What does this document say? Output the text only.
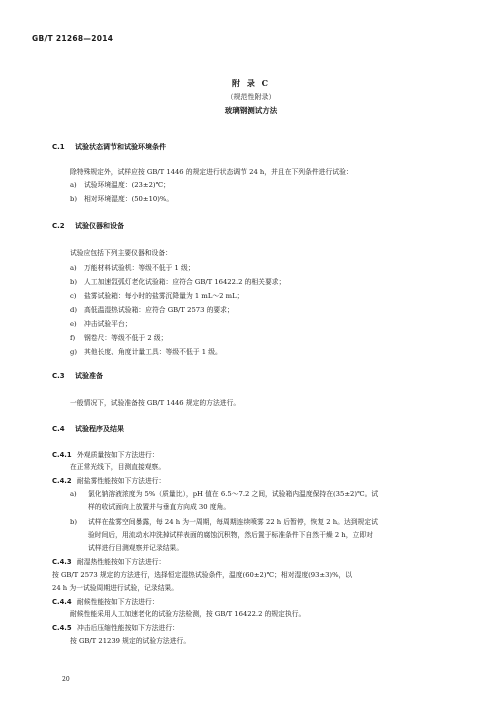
GB/T 21268—2014
附 录 C
（规范性附录）
玻璃钢测试方法
C.1 试验状态调节和试验环境条件
除特殊规定外，试样应按 GB/T 1446 的规定进行状态调节 24 h，并且在下列条件进行试验：
a) 试验环境温度：(23±2)℃；
b) 相对环境湿度：(50±10)%。
C.2 试验仪器和设备
试验应包括下列主要仪器和设备：
a) 万能材料试验机：等级不低于 1 级；
b) 人工加速氙弧灯老化试验箱：应符合 GB/T 16422.2 的相关要求；
c) 盐雾试验箱：每小时的盐雾沉降量为 1 mL～2 mL；
d) 高低温湿热试验箱：应符合 GB/T 2573 的要求；
e) 冲击试验平台；
f) 钢卷尺：等级不低于 2 级；
g) 其他长度、角度计量工具：等级不低于 1 级。
C.3 试验准备
一般情况下，试验准备按 GB/T 1446 规定的方法进行。
C.4 试验程序及结果
C.4.1 外观质量按如下方法进行：
在正常光线下，目测直接观察。
C.4.2 耐盐雾性能按如下方法进行：
a) 氯化钠溶液浓度为 5%（质量比），pH 值在 6.5～7.2 之间，试验箱内温度保持在(35±2)℃。试
样的收试面向上放置并与垂直方向成 30 度角。
b) 试样在盐雾空间暴露，每 24 h 为一周期，每周期连续喷雾 22 h 后暂停，恢复 2 h。达到规定试
验时间后，用流动水冲洗掉试样表面的腐蚀沉积物，然后置于标准条件下自然干燥 2 h，立即对
试样进行目测观察并记录结果。
C.4.3 耐湿热性能按如下方法进行：
按 GB/T 2573 规定的方法进行，选择恒定湿热试验条件，温度(60±2)℃；相对湿度(93±3)%，以
24 h 为一试验周期进行试验，记录结果。
C.4.4 耐候性能按如下方法进行：
耐候性能采用人工加速老化的试验方法检测，按 GB/T 16422.2 的规定执行。
C.4.5 冲击后压缩性能按如下方法进行：
按 GB/T 21239 规定的试验方法进行。
20
